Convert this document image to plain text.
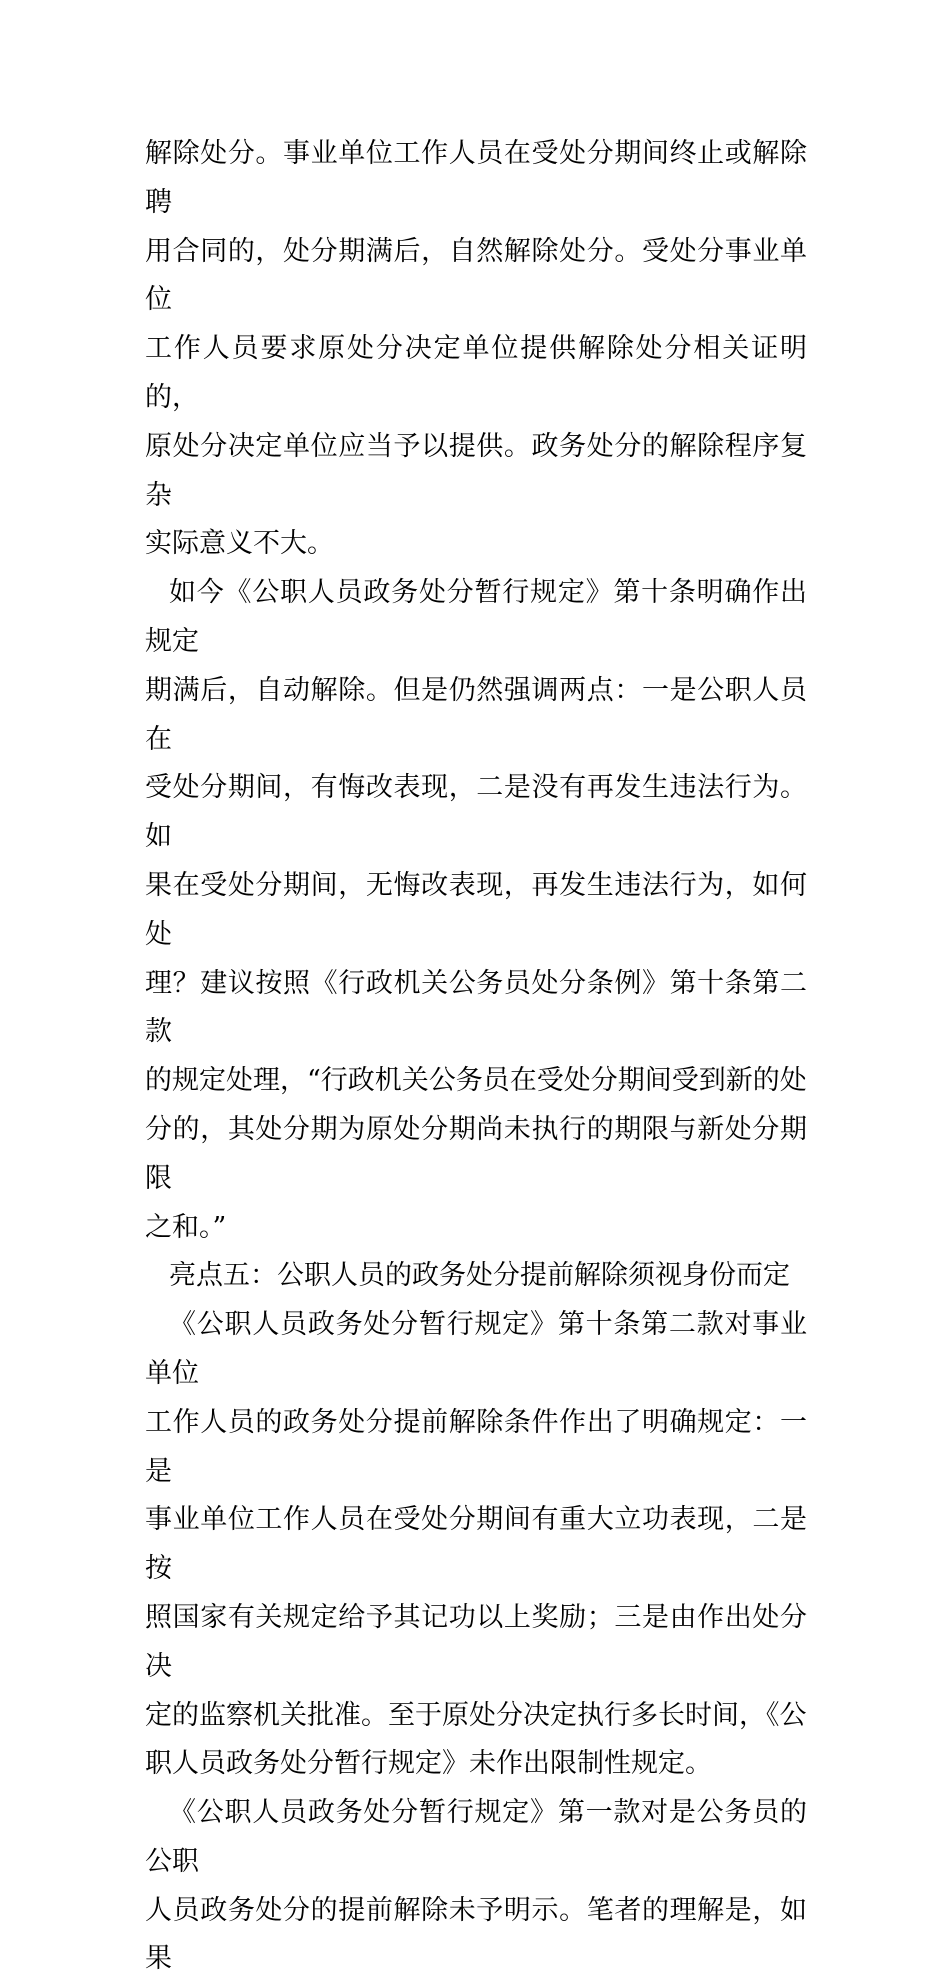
解除处分。事业单位工作人员在受处分期间终止或解除聘
用合同的，处分期满后，自然解除处分。受处分事业单位
工作人员要求原处分决定单位提供解除处分相关证明的，
原处分决定单位应当予以提供。政务处分的解除程序复杂
实际意义不大。

如今《公职人员政务处分暂行规定》第十条明确作出规定
期满后，自动解除。但是仍然强调两点：一是公职人员在
受处分期间，有悔改表现，二是没有再发生违法行为。如
果在受处分期间，无悔改表现，再发生违法行为，如何处
理？建议按照《行政机关公务员处分条例》第十条第二款
的规定处理，“行政机关公务员在受处分期间受到新的处
分的，其处分期为原处分期尚未执行的期限与新处分期限
之和。”

亮点五：公职人员的政务处分提前解除须视身份而定

《公职人员政务处分暂行规定》第十条第二款对事业单位
工作人员的政务处分提前解除条件作出了明确规定：一是
事业单位工作人员在受处分期间有重大立功表现，二是按
照国家有关规定给予其记功以上奖励；三是由作出处分决
定的监察机关批准。至于原处分决定执行多长时间，《公
职人员政务处分暂行规定》未作出限制性规定。

《公职人员政务处分暂行规定》第一款对是公务员的公职
人员政务处分的提前解除未予明示。笔者的理解是，如果
